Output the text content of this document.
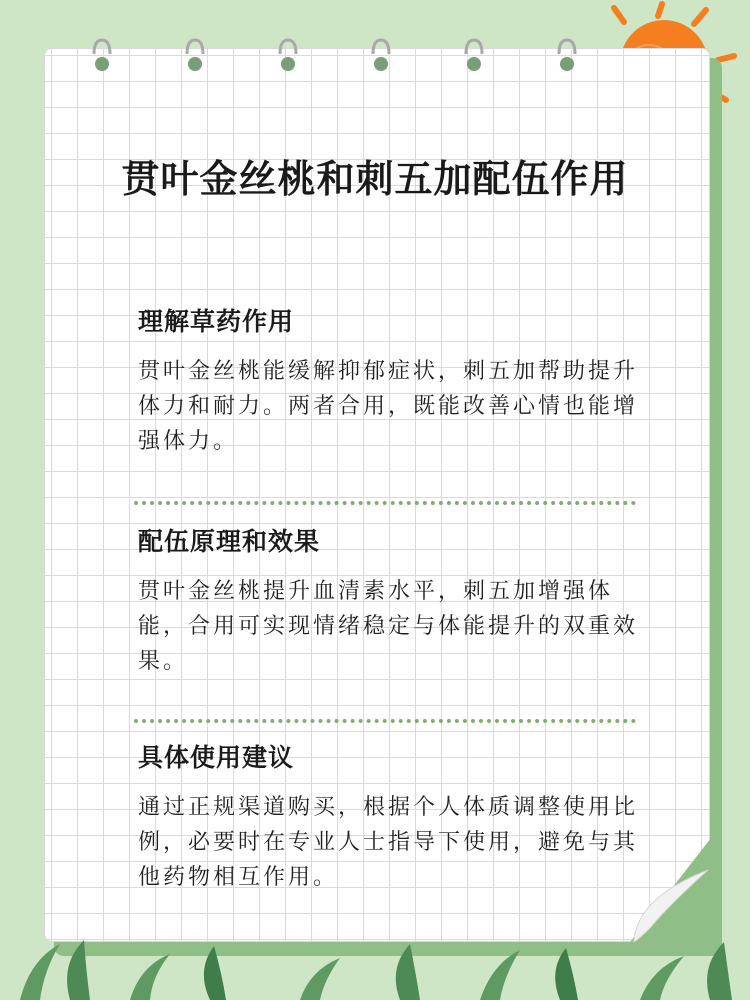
贯叶金丝桃和刺五加配伍作用
理解草药作用
贯叶金丝桃能缓解抑郁症状，刺五加帮助提升体力和耐力。两者合用，既能改善心情也能增强体力。
配伍原理和效果
贯叶金丝桃提升血清素水平，刺五加增强体能，合用可实现情绪稳定与体能提升的双重效果。
具体使用建议
通过正规渠道购买，根据个人体质调整使用比例，必要时在专业人士指导下使用，避免与其他药物相互作用。
